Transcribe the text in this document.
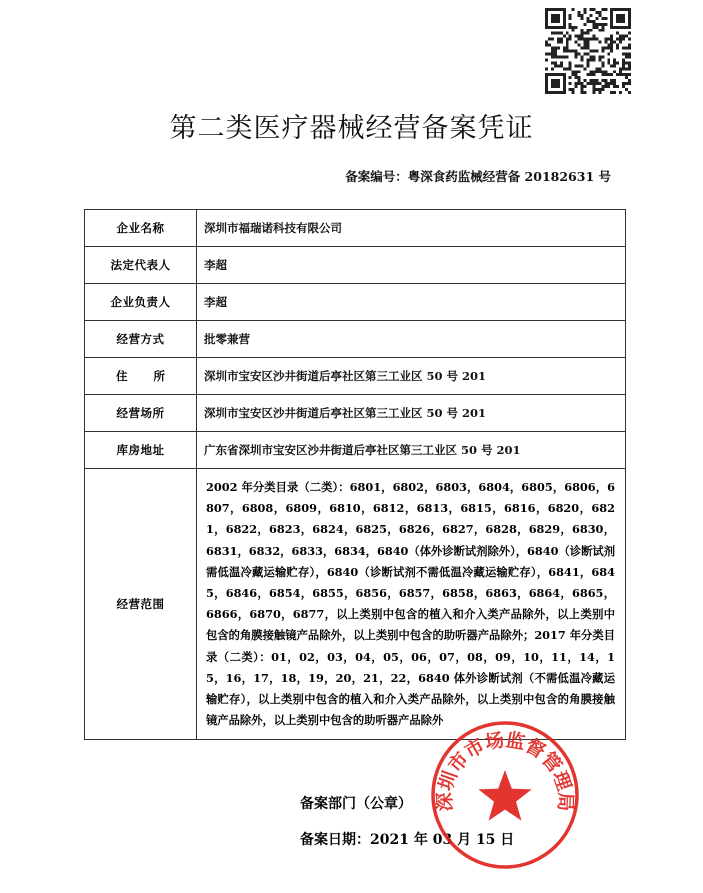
第二类医疗器械经营备案凭证
备案编号：粤深食药监械经营备 20182631 号
企业名称	深圳市福瑞诺科技有限公司
法定代表人	李超
企业负责人	李超
经营方式	批零兼营
住所	深圳市宝安区沙井街道后亭社区第三工业区 50 号 201
经营场所	深圳市宝安区沙井街道后亭社区第三工业区 50 号 201
库房地址	广东省深圳市宝安区沙井街道后亭社区第三工业区 50 号 201
经营范围	2002 年分类目录（二类）：6801，6802，6803，6804，6805，6806，6807，6808，6809，6810，6812，6813，6815，6816，6820，6821，6822，6823，6824，6825，6826，6827，6828，6829，6830，6831，6832，6833，6834，6840（体外诊断试剂除外），6840（诊断试剂需低温冷藏运输贮存），6840（诊断试剂不需低温冷藏运输贮存），6841，6845，6846，6854，6855，6856，6857，6858，6863，6864，6865，6866，6870，6877，以上类别中包含的植入和介入类产品除外，以上类别中包含的角膜接触镜产品除外，以上类别中包含的助听器产品除外；2017 年分类目录（二类）：01，02，03，04，05，06，07，08，09，10，11，14，15，16，17，18，19，20，21，22，6840 体外诊断试剂（不需低温冷藏运输贮存），以上类别中包含的植入和介入类产品除外，以上类别中包含的角膜接触镜产品除外，以上类别中包含的助听器产品除外
备案部门（公章）
备案日期：2021 年 03 月 15 日
深圳市市场监督管理局
